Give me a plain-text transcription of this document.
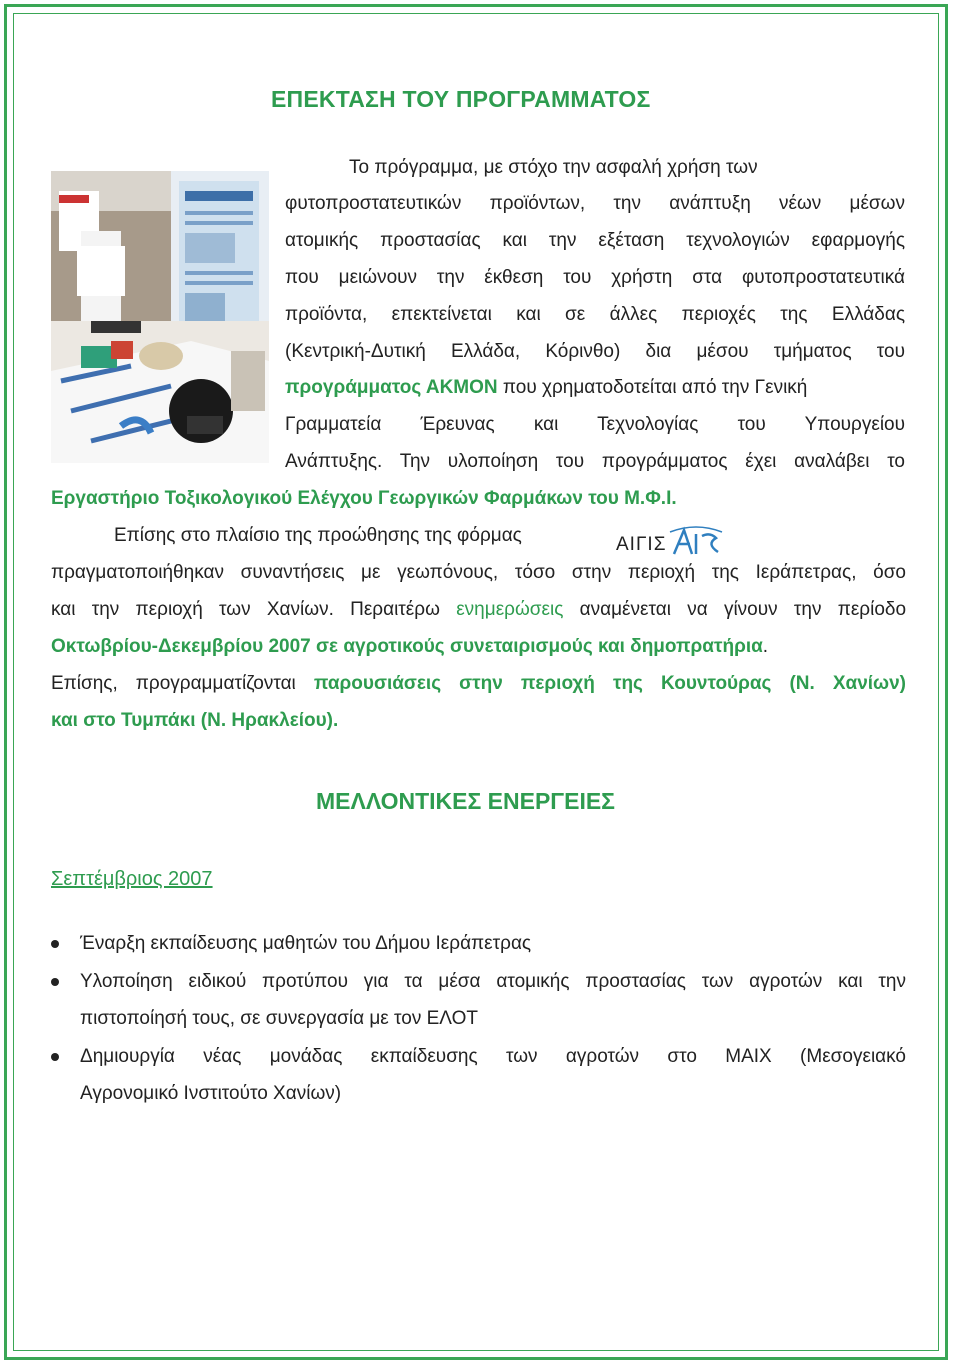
ΕΠΕΚΤΑΣΗ ΤΟΥ ΠΡΟΓΡΑΜΜΑΤΟΣ
Το πρόγραμμα, με στόχο την ασφαλή χρήση των
φυτοπροστατευτικών προϊόντων, την ανάπτυξη νέων μέσων
ατομικής προστασίας και την εξέταση τεχνολογιών εφαρμογής
που μειώνουν την έκθεση του χρήστη στα φυτοπροστατευτικά
προϊόντα, επεκτείνεται και σε άλλες περιοχές της Ελλάδας
(Κεντρική-Δυτική Ελλάδα, Κόρινθο) δια μέσου τμήματος του
προγράμματος ΑΚΜΟΝ που χρηματοδοτείται από την Γενική
Γραμματεία Έρευνας και Τεχνολογίας του Υπουργείου
Ανάπτυξης. Την υλοποίηση του προγράμματος έχει αναλάβει το
Εργαστήριο Τοξικολογικού Ελέγχου Γεωργικών Φαρμάκων του Μ.Φ.Ι.
Επίσης στο πλαίσιο της προώθησης της φόρμας	ΑΙΓΙΣ
πραγματοποιήθηκαν συναντήσεις με γεωπόνους, τόσο στην περιοχή της Ιεράπετρας, όσο
και την περιοχή των Χανίων. Περαιτέρω ενημερώσεις αναμένεται να γίνουν την περίοδο
Οκτωβρίου-Δεκεμβρίου 2007 σε αγροτικούς συνεταιρισμούς και δημοπρατήρια.
Επίσης, προγραμματίζονται παρουσιάσεις στην περιοχή της Κουντούρας (Ν. Χανίων)
και στο Τυμπάκι (Ν. Ηρακλείου).
ΜΕΛΛΟΝΤΙΚΕΣ ΕΝΕΡΓΕΙΕΣ
Σεπτέμβριος 2007
Έναρξη εκπαίδευσης μαθητών του Δήμου Ιεράπετρας
Υλοποίηση ειδικού προτύπου για τα μέσα ατομικής προστασίας των αγροτών και την
πιστοποίησή τους, σε συνεργασία με τον ΕΛΟΤ
Δημιουργία νέας μονάδας εκπαίδευσης των αγροτών στο ΜΑΙΧ (Μεσογειακό
Αγρονομικό Ινστιτούτο Χανίων)
